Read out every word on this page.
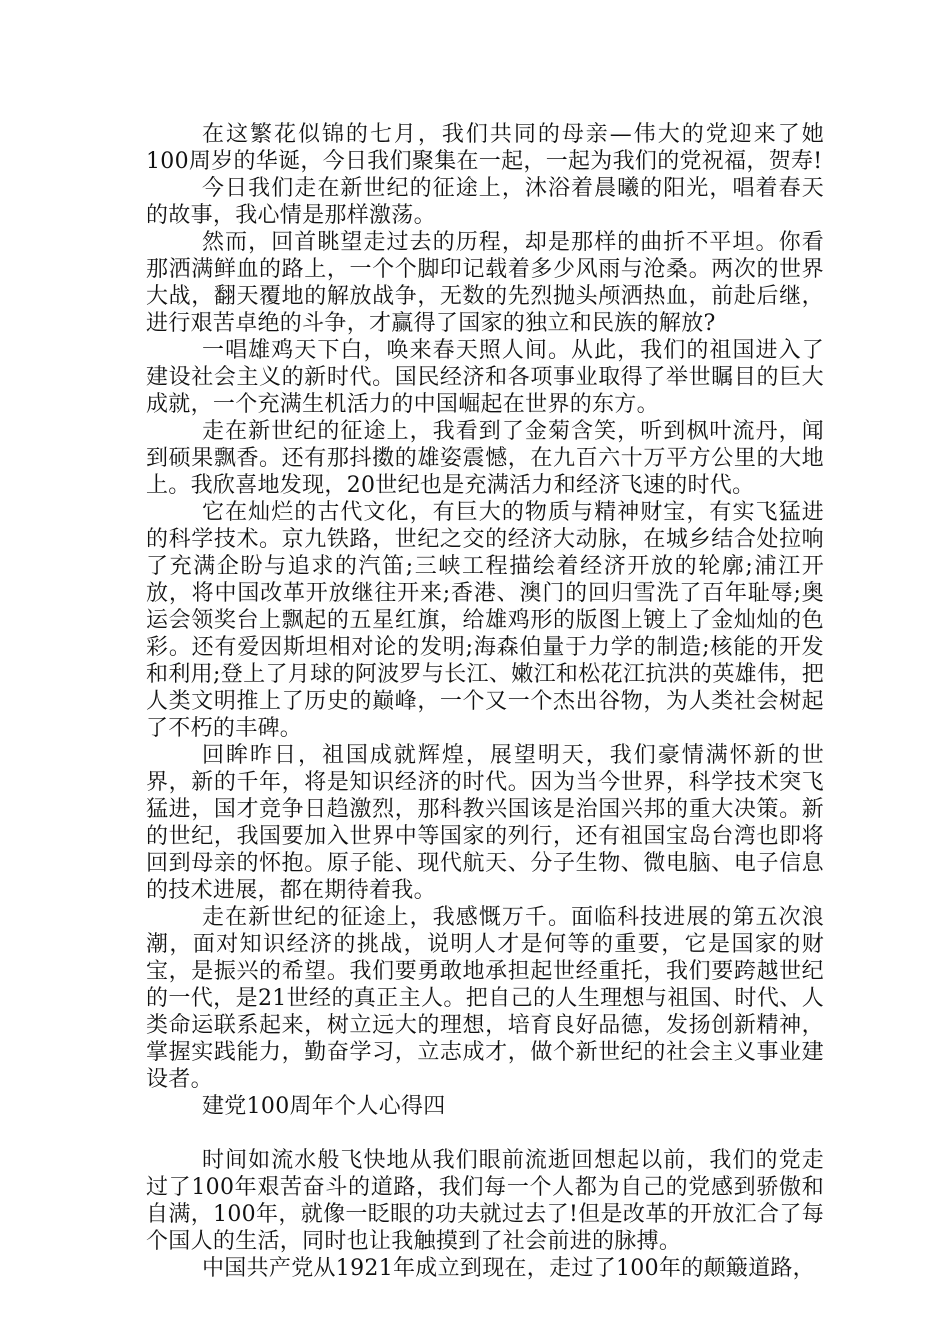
在这繁花似锦的七月，我们共同的母亲—伟大的党迎来了她100周岁的华诞，今日我们聚集在一起，一起为我们的党祝福，贺寿!

今日我们走在新世纪的征途上，沐浴着晨曦的阳光，唱着春天的故事，我心情是那样激荡。

然而，回首眺望走过去的历程，却是那样的曲折不平坦。你看那洒满鲜血的路上，一个个脚印记载着多少风雨与沧桑。两次的世界大战，翻天覆地的解放战争，无数的先烈抛头颅洒热血，前赴后继，进行艰苦卓绝的斗争，才赢得了国家的独立和民族的解放?

一唱雄鸡天下白，唤来春天照人间。从此，我们的祖国进入了建设社会主义的新时代。国民经济和各项事业取得了举世瞩目的巨大成就，一个充满生机活力的中国崛起在世界的东方。

走在新世纪的征途上，我看到了金菊含笑，听到枫叶流丹，闻到硕果飘香。还有那抖擞的雄姿震憾，在九百六十万平方公里的大地上。我欣喜地发现，20世纪也是充满活力和经济飞速的时代。

它在灿烂的古代文化，有巨大的物质与精神财宝，有实飞猛进的科学技术。京九铁路，世纪之交的经济大动脉，在城乡结合处拉响了充满企盼与追求的汽笛;三峡工程描绘着经济开放的轮廓;浦江开放，将中国改革开放继往开来;香港、澳门的回归雪洗了百年耻辱;奥运会领奖台上飘起的五星红旗，给雄鸡形的版图上镀上了金灿灿的色彩。还有爱因斯坦相对论的发明;海森伯量于力学的制造;核能的开发和利用;登上了月球的阿波罗与长江、嫩江和松花江抗洪的英雄伟，把人类文明推上了历史的巅峰，一个又一个杰出谷物，为人类社会树起了不朽的丰碑。

回眸昨日，祖国成就辉煌，展望明天，我们豪情满怀新的世界，新的千年，将是知识经济的时代。因为当今世界，科学技术突飞猛进，国才竞争日趋激烈，那科教兴国该是治国兴邦的重大决策。新的世纪，我国要加入世界中等国家的列行，还有祖国宝岛台湾也即将回到母亲的怀抱。原子能、现代航天、分子生物、微电脑、电子信息的技术进展，都在期待着我。

走在新世纪的征途上，我感慨万千。面临科技进展的第五次浪潮，面对知识经济的挑战，说明人才是何等的重要，它是国家的财宝，是振兴的希望。我们要勇敢地承担起世经重托，我们要跨越世纪的一代，是21世经的真正主人。把自己的人生理想与祖国、时代、人类命运联系起来，树立远大的理想，培育良好品德，发扬创新精神，掌握实践能力，勤奋学习，立志成才，做个新世纪的社会主义事业建设者。

建党100周年个人心得四

时间如流水般飞快地从我们眼前流逝回想起以前，我们的党走过了100年艰苦奋斗的道路，我们每一个人都为自己的党感到骄傲和自满，100年，就像一眨眼的功夫就过去了!但是改革的开放汇合了每个国人的生活，同时也让我触摸到了社会前进的脉搏。

中国共产党从1921年成立到现在，走过了100年的颠簸道路，
